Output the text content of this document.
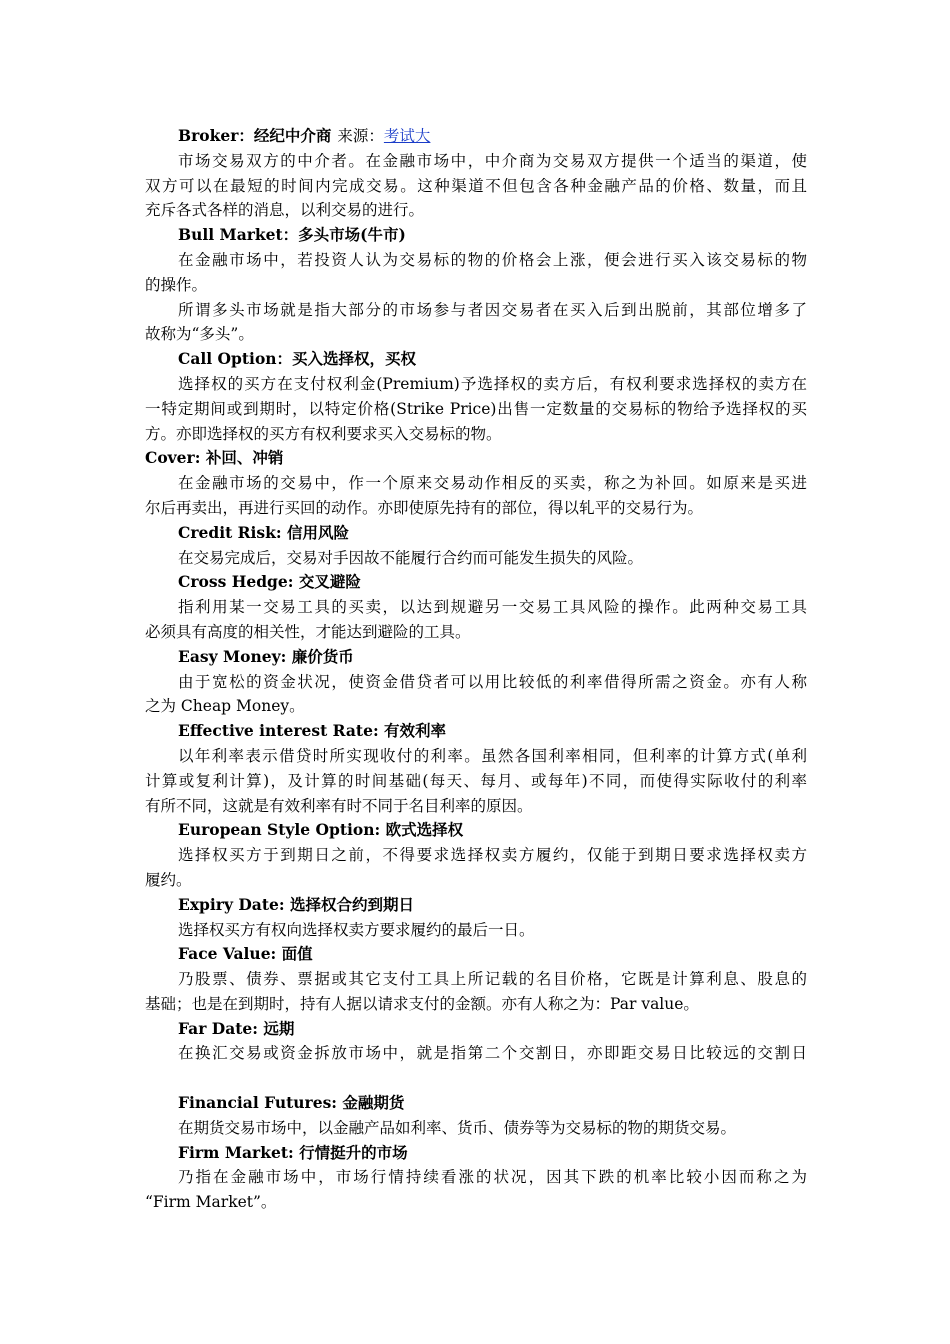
Broker：经纪中介商 来源：考试大
市场交易双方的中介者。在金融市场中，中介商为交易双方提供一个适当的渠道，使
双方可以在最短的时间内完成交易。这种渠道不但包含各种金融产品的价格、数量，而且
充斥各式各样的消息，以利交易的进行。
Bull Market：多头市场(牛市)
在金融市场中，若投资人认为交易标的物的价格会上涨，便会进行买入该交易标的物
的操作。
所谓多头市场就是指大部分的市场参与者因交易者在买入后到出脱前，其部位增多了
故称为“多头”。
Call Option：买入选择权，买权
选择权的买方在支付权利金(Premium)予选择权的卖方后，有权利要求选择权的卖方在
一特定期间或到期时，以特定价格(Strike Price)出售一定数量的交易标的物给予选择权的买
方。亦即选择权的买方有权利要求买入交易标的物。
Cover: 补回、冲销
在金融市场的交易中，作一个原来交易动作相反的买卖，称之为补回。如原来是买进
尔后再卖出，再进行买回的动作。亦即使原先持有的部位，得以轧平的交易行为。
Credit Risk: 信用风险
在交易完成后，交易对手因故不能履行合约而可能发生损失的风险。
Cross Hedge: 交叉避险
指利用某一交易工具的买卖，以达到规避另一交易工具风险的操作。此两种交易工具
必须具有高度的相关性，才能达到避险的工具。
Easy Money: 廉价货币
由于宽松的资金状况，使资金借贷者可以用比较低的利率借得所需之资金。亦有人称
之为 Cheap Money。
Effective interest Rate: 有效利率
以年利率表示借贷时所实现收付的利率。虽然各国利率相同，但利率的计算方式(单利
计算或复利计算)，及计算的时间基础(每天、每月、或每年)不同，而使得实际收付的利率
有所不同，这就是有效利率有时不同于名目利率的原因。
European Style Option: 欧式选择权
选择权买方于到期日之前，不得要求选择权卖方履约，仅能于到期日要求选择权卖方
履约。
Expiry Date: 选择权合约到期日
选择权买方有权向选择权卖方要求履约的最后一日。
Face Value: 面值
乃股票、债券、票据或其它支付工具上所记载的名目价格，它既是计算利息、股息的
基础；也是在到期时，持有人据以请求支付的金额。亦有人称之为：Par value。
Far Date: 远期
在换汇交易或资金拆放市场中，就是指第二个交割日，亦即距交易日比较远的交割日
Financial Futures: 金融期货
在期货交易市场中，以金融产品如利率、货币、债券等为交易标的物的期货交易。
Firm Market: 行情挺升的市场
乃指在金融市场中，市场行情持续看涨的状况，因其下跌的机率比较小因而称之为
“Firm Market”。
